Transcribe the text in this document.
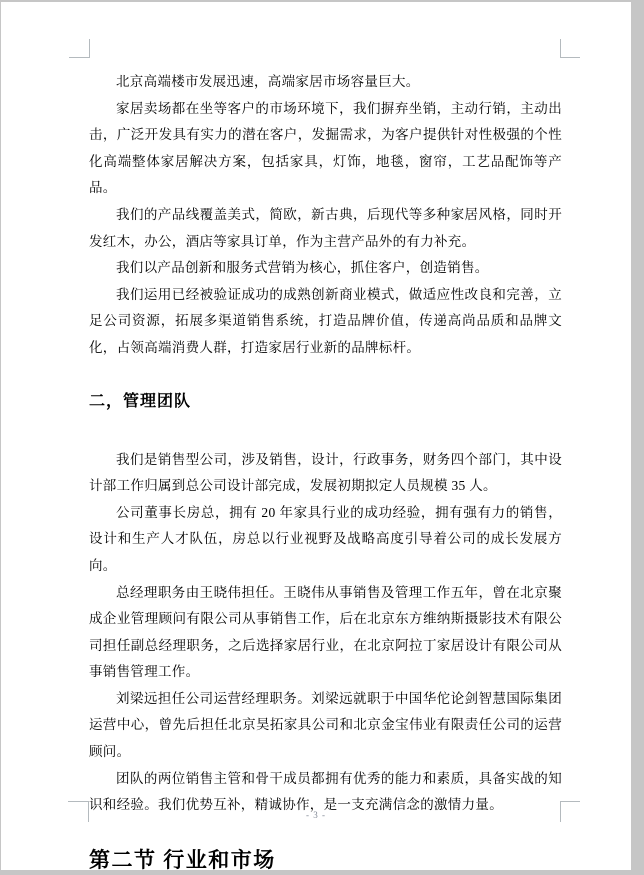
北京高端楼市发展迅速，高端家居市场容量巨大。

家居卖场都在坐等客户的市场环境下，我们摒弃坐销，主动行销，主动出击，广泛开发具有实力的潜在客户，发掘需求，为客户提供针对性极强的个性化高端整体家居解决方案，包括家具，灯饰，地毯，窗帘，工艺品配饰等产品。

我们的产品线覆盖美式，简欧，新古典，后现代等多种家居风格，同时开发红木，办公，酒店等家具订单，作为主营产品外的有力补充。

我们以产品创新和服务式营销为核心，抓住客户，创造销售。

我们运用已经被验证成功的成熟创新商业模式，做适应性改良和完善，立足公司资源，拓展多渠道销售系统，打造品牌价值，传递高尚品质和品牌文化，占领高端消费人群，打造家居行业新的品牌标杆。

二，管理团队

我们是销售型公司，涉及销售，设计，行政事务，财务四个部门，其中设计部工作归属到总公司设计部完成，发展初期拟定人员规模 35 人。

公司董事长房总，拥有 20 年家具行业的成功经验，拥有强有力的销售，设计和生产人才队伍，房总以行业视野及战略高度引导着公司的成长发展方向。

总经理职务由王晓伟担任。王晓伟从事销售及管理工作五年，曾在北京聚成企业管理顾问有限公司从事销售工作，后在北京东方维纳斯摄影技术有限公司担任副总经理职务，之后选择家居行业，在北京阿拉丁家居设计有限公司从事销售管理工作。

刘梁远担任公司运营经理职务。刘梁远就职于中国华佗论剑智慧国际集团运营中心，曾先后担任北京昊拓家具公司和北京金宝伟业有限责任公司的运营顾问。

团队的两位销售主管和骨干成员都拥有优秀的能力和素质，具备实战的知识和经验。我们优势互补，精诚协作，是一支充满信念的激情力量。

第二节 行业和市场
- 3 -
